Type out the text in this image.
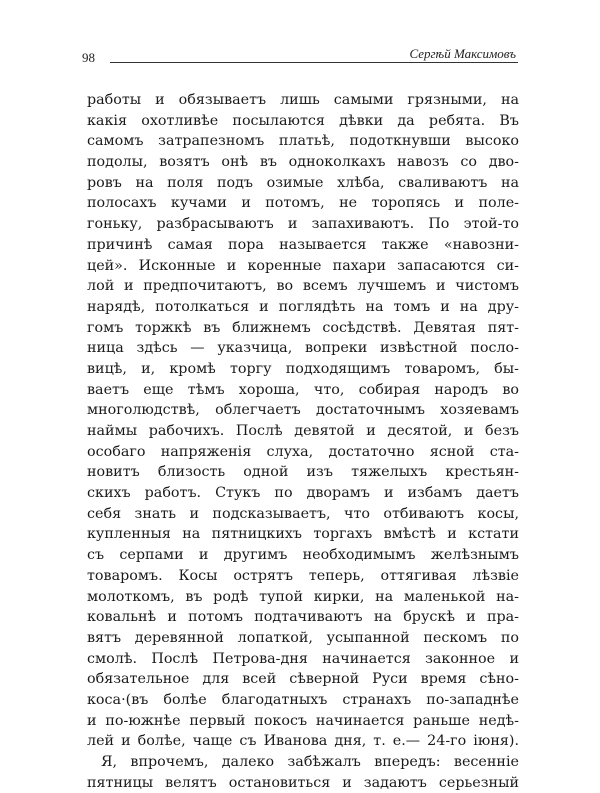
98	Сергѣй Максимовъ
работы и обязываетъ лишь самыми грязными, на
какія охотливѣе посылаются дѣвки да ребята. Въ
самомъ затрапезномъ платьѣ, подоткнувши высоко
подолы, возятъ онѣ въ одноколкахъ навозъ со дво-
ровъ на поля подъ озимые хлѣба, сваливаютъ на
полосахъ кучами и потомъ, не торопясь и поле-
гоньку, разбрасываютъ и запахиваютъ. По этой-то
причинѣ самая пора называется также «навозни-
цей». Исконные и коренные пахари запасаются си-
лой и предпочитаютъ, во всемъ лучшемъ и чистомъ
нарядѣ, потолкаться и поглядѣть на томъ и на дру-
гомъ торжкѣ въ ближнемъ сосѣдствѣ. Девятая пят-
ница здѣсь — указчица, вопреки извѣстной посло-
вицѣ, и, кромѣ торгу подходящимъ товаромъ, бы-
ваетъ еще тѣмъ хороша, что, собирая народъ во
многолюдствѣ, облегчаетъ достаточнымъ хозяевамъ
наймы рабочихъ. Послѣ девятой и десятой, и безъ
особаго напряженія слуха, достаточно ясной ста-
новитъ близость одной изъ тяжелыхъ крестьян-
скихъ работъ. Стукъ по дворамъ и избамъ даетъ
себя знать и подсказываетъ, что отбиваютъ косы,
купленныя на пятницкихъ торгахъ вмѣстѣ и кстати
съ серпами и другимъ необходимымъ желѣзнымъ
товаромъ. Косы острятъ теперь, оттягивая лѣзвіе
молоткомъ, въ родѣ тупой кирки, на маленькой на-
ковальнѣ и потомъ подтачиваютъ на брускѣ и пра-
вятъ деревянной лопаткой, усыпанной пескомъ по
смолѣ. Послѣ Петрова-дня начинается законное и
обязательное для всей сѣверной Руси время сѣно-
коса·(въ болѣе благодатныхъ странахъ по-западнѣе
и по-южнѣе первый покосъ начинается раньше недѣ-
лей и болѣе, чаще съ Иванова дня, т. е.— 24-го іюня).
Я, впрочемъ, далеко забѣжалъ впередъ: весенніе
пятницы велятъ остановиться и задаютъ серьезный
